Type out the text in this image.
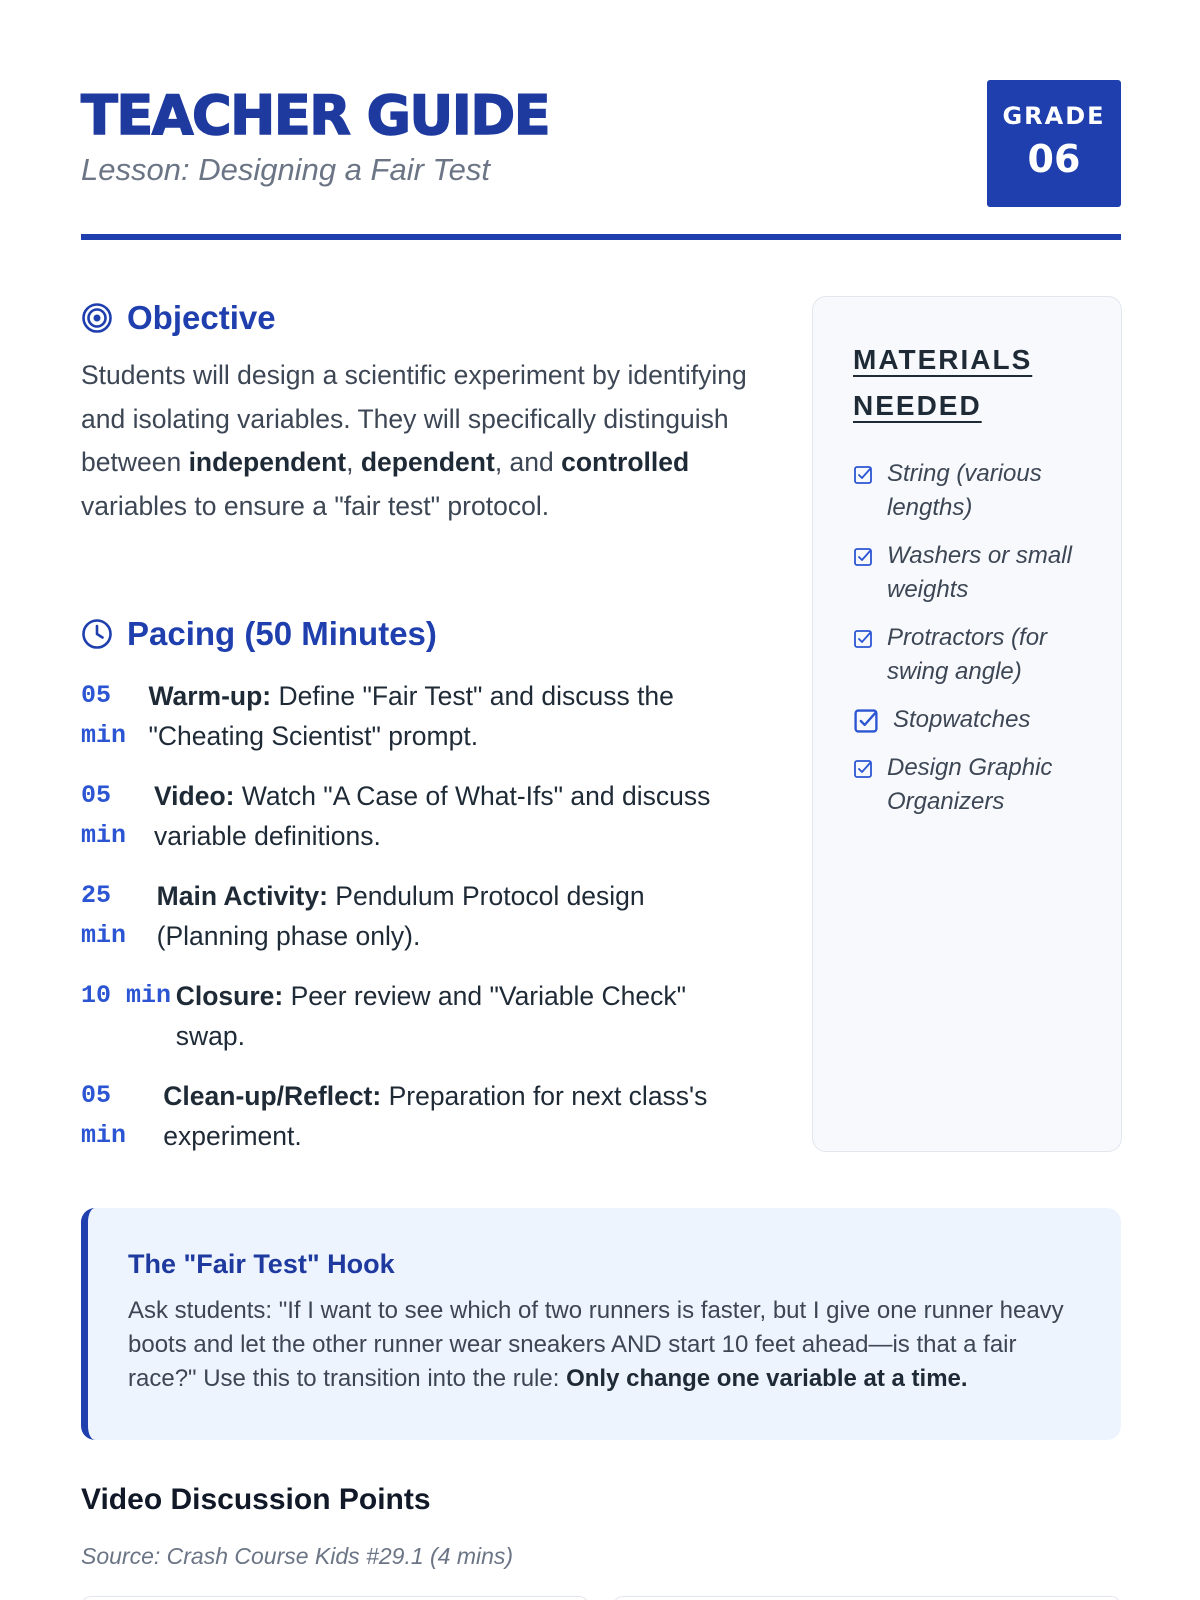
TEACHER GUIDE
Lesson: Designing a Fair Test
GRADE
06
Objective

Students will design a scientific experiment by identifying and isolating variables. They will specifically distinguish between independent, dependent, and controlled variables to ensure a "fair test" protocol.

Pacing (50 Minutes)
05 min
Warm-up: Define "Fair Test" and discuss the "Cheating Scientist" prompt.
05 min
Video: Watch "A Case of What-Ifs" and discuss variable definitions.
25 min
Main Activity: Pendulum Protocol design (Planning phase only).
10 min Closure: Peer review and "Variable Check" swap.
05 min
Clean-up/Reflect: Preparation for next class's experiment.
MATERIALS NEEDED
String (various lengths)
Washers or small weights
Protractors (for swing angle)
Stopwatches
Design Graphic Organizers
The "Fair Test" Hook

Ask students: "If I want to see which of two runners is faster, but I give one runner heavy boots and let the other runner wear sneakers AND start 10 feet ahead—is that a fair race?" Use this to transition into the rule: Only change one variable at a time.

Video Discussion Points
Source: Crash Course Kids #29.1 (4 mins)
